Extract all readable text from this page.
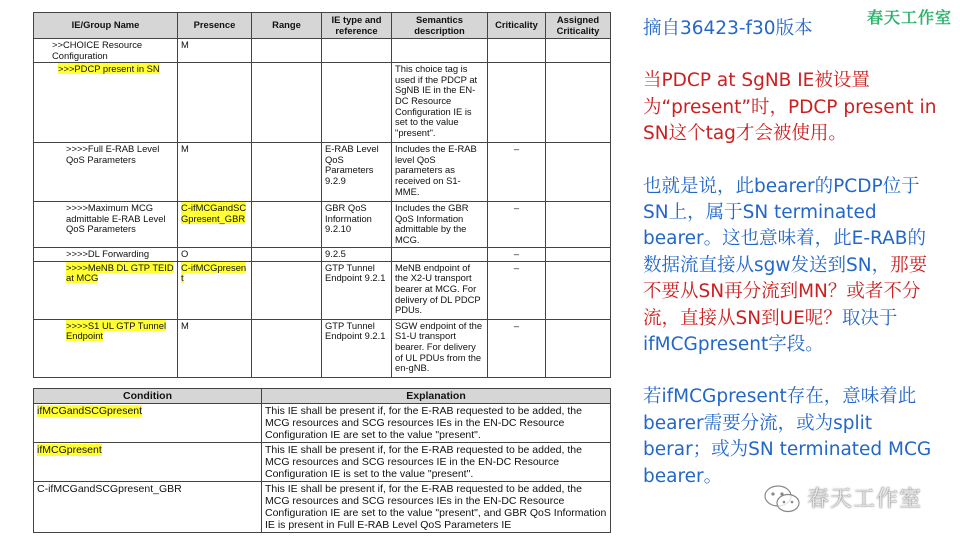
IE/Group Name	Presence	Range	IE type and reference	Semantics description	Criticality	Assigned Criticality
>>CHOICE Resource Configuration	M					
>>>PDCP present in SN				This choice tag is used if the PDCP at SgNB IE in the EN-DC Resource Configuration IE is set to the value "present".		
>>>>Full E-RAB Level QoS Parameters	M		E-RAB Level QoS Parameters 9.2.9	Includes the E-RAB level QoS parameters as received on S1-MME.	–	
>>>>Maximum MCG admittable E-RAB Level QoS Parameters	C-ifMCGandSCGpresent_GBR		GBR QoS Information 9.2.10	Includes the GBR QoS Information admittable by the MCG.	–	
>>>>DL Forwarding	O		9.2.5		–	
>>>>MeNB DL GTP TEID at MCG	C-ifMCGpresent		GTP Tunnel Endpoint 9.2.1	MeNB endpoint of the X2-U transport bearer at MCG. For delivery of DL PDCP PDUs.	–	
>>>>S1 UL GTP Tunnel Endpoint	M		GTP Tunnel Endpoint 9.2.1	SGW endpoint of the S1-U transport bearer. For delivery of UL PDUs from the en-gNB.	–	
Condition	Explanation
ifMCGandSCGpresent	This IE shall be present if, for the E-RAB requested to be added, the MCG resources and SCG resources IEs in the EN-DC Resource Configuration IE are set to the value "present".
ifMCGpresent	This IE shall be present if, for the E-RAB requested to be added, the MCG resources and SCG resources IE in the EN-DC Resource Configuration IE is set to the value "present".
C-ifMCGandSCGpresent_GBR	This IE shall be present if, for the E-RAB requested to be added, the MCG resources and SCG resources IEs in the EN-DC Resource Configuration IE are set to the value "present", and GBR QoS Information IE is present in Full E-RAB Level QoS Parameters IE
春天工作室

摘自36423-f30版本

当PDCP at SgNB IE被设置为“present”时，PDCP present in SN这个tag才会被使用。

也就是说，此bearer的PCDP位于SN上，属于SN terminated bearer。这也意味着，此E-RAB的数据流直接从sgw发送到SN，那要不要从SN再分流到MN？或者不分流，直接从SN到UE呢？取决于ifMCGpresent字段。

若ifMCGpresent存在，意味着此bearer需要分流，或为split berar；或为SN terminated MCG bearer。

春天工作室
